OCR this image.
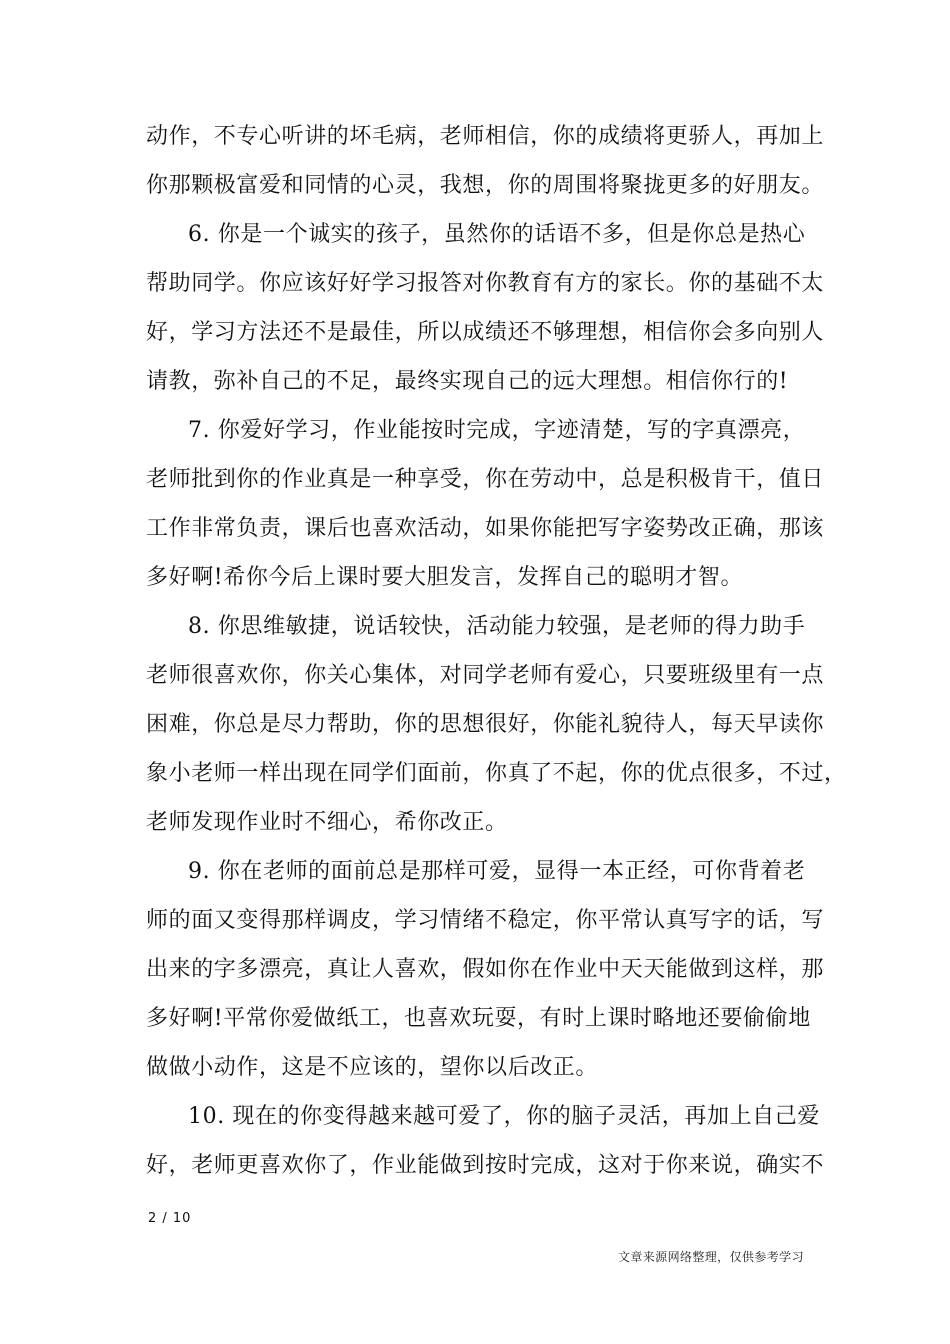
动作，不专心听讲的坏毛病，老师相信，你的成绩将更骄人，再加上
你那颗极富爱和同情的心灵，我想，你的周围将聚拢更多的好朋友。
6. 你是一个诚实的孩子，虽然你的话语不多，但是你总是热心
帮助同学。你应该好好学习报答对你教育有方的家长。你的基础不太
好，学习方法还不是最佳，所以成绩还不够理想，相信你会多向别人
请教，弥补自己的不足，最终实现自己的远大理想。相信你行的!
7. 你爱好学习，作业能按时完成，字迹清楚，写的字真漂亮，
老师批到你的作业真是一种享受，你在劳动中，总是积极肯干，值日
工作非常负责，课后也喜欢活动，如果你能把写字姿势改正确，那该
多好啊!希你今后上课时要大胆发言，发挥自己的聪明才智。
8. 你思维敏捷，说话较快，活动能力较强，是老师的得力助手
老师很喜欢你，你关心集体，对同学老师有爱心，只要班级里有一点
困难，你总是尽力帮助，你的思想很好，你能礼貌待人，每天早读你
象小老师一样出现在同学们面前，你真了不起，你的优点很多，不过，
老师发现作业时不细心，希你改正。
9. 你在老师的面前总是那样可爱，显得一本正经，可你背着老
师的面又变得那样调皮，学习情绪不稳定，你平常认真写字的话，写
出来的字多漂亮，真让人喜欢，假如你在作业中天天能做到这样，那
多好啊!平常你爱做纸工，也喜欢玩耍，有时上课时略地还要偷偷地
做做小动作，这是不应该的，望你以后改正。
10. 现在的你变得越来越可爱了，你的脑子灵活，再加上自己爱
好，老师更喜欢你了，作业能做到按时完成，这对于你来说，确实不
2 / 10
文章来源网络整理，仅供参考学习
